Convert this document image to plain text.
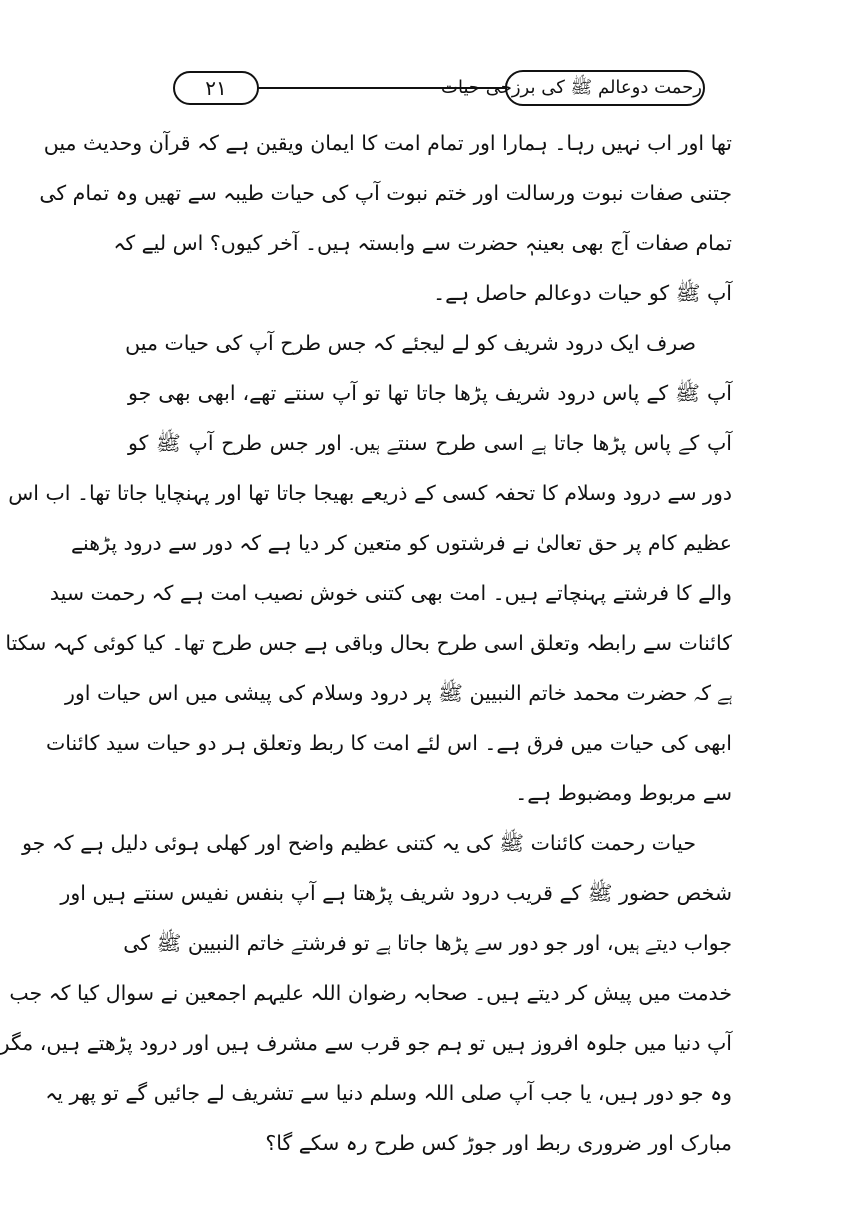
۲۱	رحمت دوعالم ﷺ کی برزخی حیات
تھا اور اب نہیں رہا۔ ہمارا اور تمام امت کا ایمان ویقین ہے کہ قرآن وحدیث میں
جتنی صفات نبوت ورسالت اور ختم نبوت آپ کی حیات طیبہ سے تھیں وہ تمام کی
تمام صفات آج بھی بعینہٖ حضرت سے وابستہ ہیں۔ آخر کیوں؟ اس لیے کہ
آپ ﷺ کو حیات دوعالم حاصل ہے۔
صرف ایک درود شریف کو لے لیجئے کہ جس طرح آپ کی حیات میں
آپ ﷺ کے پاس درود شریف پڑھا جاتا تھا تو آپ سنتے تھے، ابھی بھی جو
آپ کے پاس پڑھا جاتا ہے اسی طرح سنتے ہیں۔ اور جس طرح آپ ﷺ کو
دور سے درود وسلام کا تحفہ کسی کے ذریعے بھیجا جاتا تھا اور پہنچایا جاتا تھا۔ اب اس
عظیم کام پر حق تعالیٰ نے فرشتوں کو متعین کر دیا ہے کہ دور سے درود پڑھنے
والے کا فرشتے پہنچاتے ہیں۔ امت بھی کتنی خوش نصیب امت ہے کہ رحمت سید
کائنات سے رابطہ وتعلق اسی طرح بحال وباقی ہے جس طرح تھا۔ کیا کوئی کہہ سکتا
ہے کہ حضرت محمد خاتم النبیین ﷺ پر درود وسلام کی پیشی میں اس حیات اور
ابھی کی حیات میں فرق ہے۔ اس لئے امت کا ربط وتعلق ہر دو حیات سید کائنات
سے مربوط ومضبوط ہے۔
حیات رحمت کائنات ﷺ کی یہ کتنی عظیم واضح اور کھلی ہوئی دلیل ہے کہ جو
شخص حضور ﷺ کے قریب درود شریف پڑھتا ہے آپ بنفس نفیس سنتے ہیں اور
جواب دیتے ہیں، اور جو دور سے پڑھا جاتا ہے تو فرشتے خاتم النبیین ﷺ کی
خدمت میں پیش کر دیتے ہیں۔ صحابہ رضوان اللہ علیہم اجمعین نے سوال کیا کہ جب
آپ دنیا میں جلوہ افروز ہیں تو ہم جو قرب سے مشرف ہیں اور درود پڑھتے ہیں، مگر
وہ جو دور ہیں، یا جب آپ صلی اللہ وسلم دنیا سے تشریف لے جائیں گے تو پھر یہ
مبارک اور ضروری ربط اور جوڑ کس طرح رہ سکے گا؟
